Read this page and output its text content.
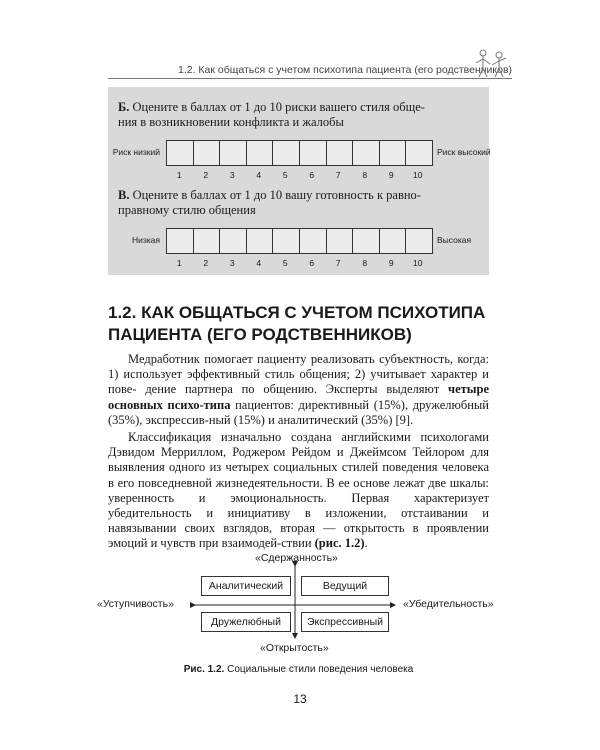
1.2. Как общаться с учетом психотипа пациента (его родственников)
Б. Оцените в баллах от 1 до 10 риски вашего стиля обще-
ния в возникновении конфликта и жалобы
Риск низкий	Риск высокий
1	2	3	4	5	6	7	8	9	10
В. Оцените в баллах от 1 до 10 вашу готовность к равно-
правному стилю общения
Низкая	Высокая
1	2	3	4	5	6	7	8	9	10
1.2. КАК ОБЩАТЬСЯ С УЧЕТОМ ПСИХОТИПА
ПАЦИЕНТА (ЕГО РОДСТВЕННИКОВ)

Медработник помогает пациенту реализовать субъектность, когда: 1) использует эффективный стиль общения; 2) учитывает характер и пове- дение партнера по общению. Эксперты выделяют четыре основных психо-типа пациентов: директивный (15%), дружелюбный (35%), экспрессив-ный (15%) и аналитический (35%) [9].

Классификация изначально создана английскими психологами Дэвидом Мерриллом, Роджером Рейдом и Джеймсом Тейлором для выявления одного из четырех социальных стилей поведения человека в его повседневной жизнедеятельности. В ее основе лежат две шкалы: уверенность и эмоциональность. Первая характеризует убедительность и инициативу в изложении, отстаивании и навязывании своих взглядов, вторая — открытость в проявлении эмоций и чувств при взаимодей-ствии (рис. 1.2).

«Сдержанность»
«Открытость»
«Уступчивость»	«Убедительность»
Аналитический	Ведущий
Дружелюбный	Экспрессивный
Рис. 1.2. Социальные стили поведения человека
13
